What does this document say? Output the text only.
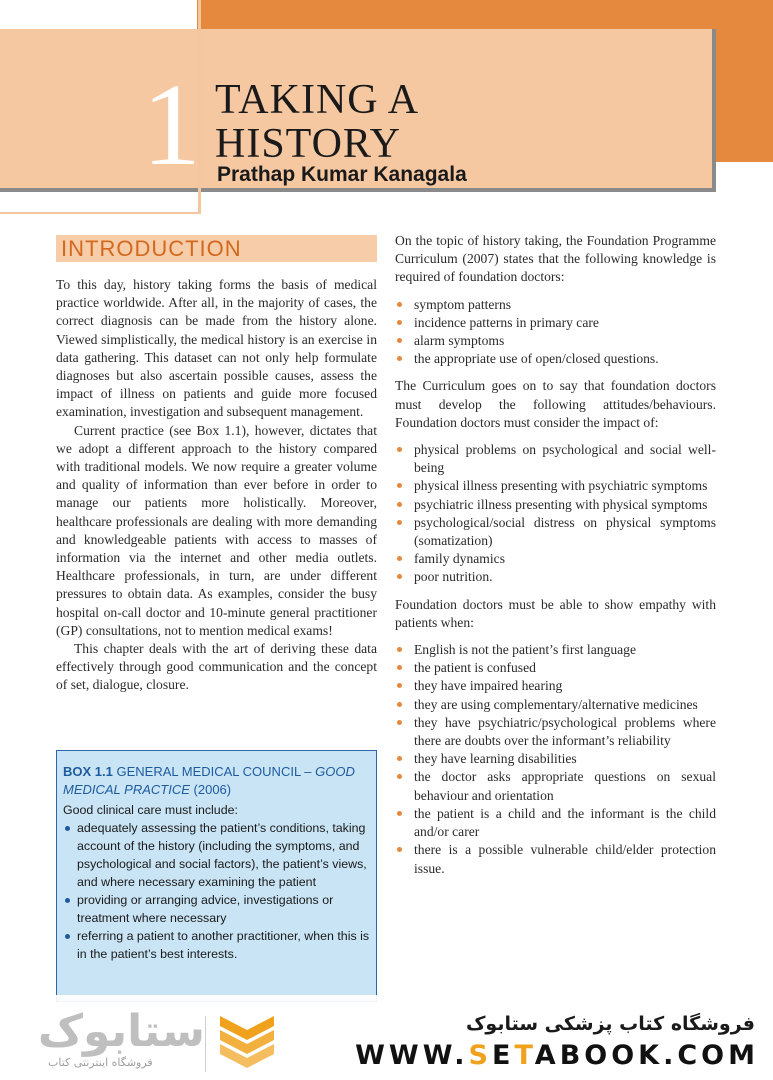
1 TAKING A
HISTORY
Prathap Kumar Kanagala
INTRODUCTION

To this day, history taking forms the basis of medical practice worldwide. After all, in the majority of cases, the correct diagnosis can be made from the history alone. Viewed simplistically, the medical history is an exercise in data gathering. This dataset can not only help formulate diagnoses but also ascertain possible causes, assess the impact of illness on patients and guide more focused examination, investigation and subsequent management.

Current practice (see Box 1.1), however, dictates that we adopt a different approach to the history compared with traditional models. We now require a greater volume and quality of information than ever before in order to manage our patients more holistically. Moreover, healthcare professionals are dealing with more demanding and knowledgeable patients with access to masses of information via the internet and other media outlets. Healthcare professionals, in turn, are under different pressures to obtain data. As examples, consider the busy hospital on-call doctor and 10-minute general practitioner (GP) consultations, not to mention medical exams!

This chapter deals with the art of deriving these data effectively through good communication and the concept of set, dialogue, closure.

BOX 1.1 GENERAL MEDICAL COUNCIL – GOOD MEDICAL PRACTICE (2006)
Good clinical care must include:
adequately assessing the patient’s conditions, taking account of the history (including the symptoms, and psychological and social factors), the patient’s views, and where necessary examining the patient
providing or arranging advice, investigations or treatment where necessary
referring a patient to another practitioner, when this is in the patient’s best interests.

On the topic of history taking, the Foundation Programme Curriculum (2007) states that the following knowledge is required of foundation doctors:

symptom patterns
incidence patterns in primary care
alarm symptoms
the appropriate use of open/closed questions.

The Curriculum goes on to say that foundation doctors must develop the following attitudes/behaviours. Foundation doctors must consider the impact of:

physical problems on psychological and social well-being
physical illness presenting with psychiatric symptoms
psychiatric illness presenting with physical symptoms
psychological/social distress on physical symptoms (somatization)
family dynamics
poor nutrition.

Foundation doctors must be able to show empathy with patients when:

English is not the patient’s first language
the patient is confused
they have impaired hearing
they are using complementary/alternative medicines
they have psychiatric/psychological problems where there are doubts over the informant’s reliability
they have learning disabilities
the doctor asks appropriate questions on sexual behaviour and orientation
the patient is a child and the informant is the child and/or carer
there is a possible vulnerable child/elder protection issue.
ستابوک
فروشگاه اینترنتی کتاب
فروشگاه کتاب پزشکی ستابوک
WWW.SETABOOK.COM
